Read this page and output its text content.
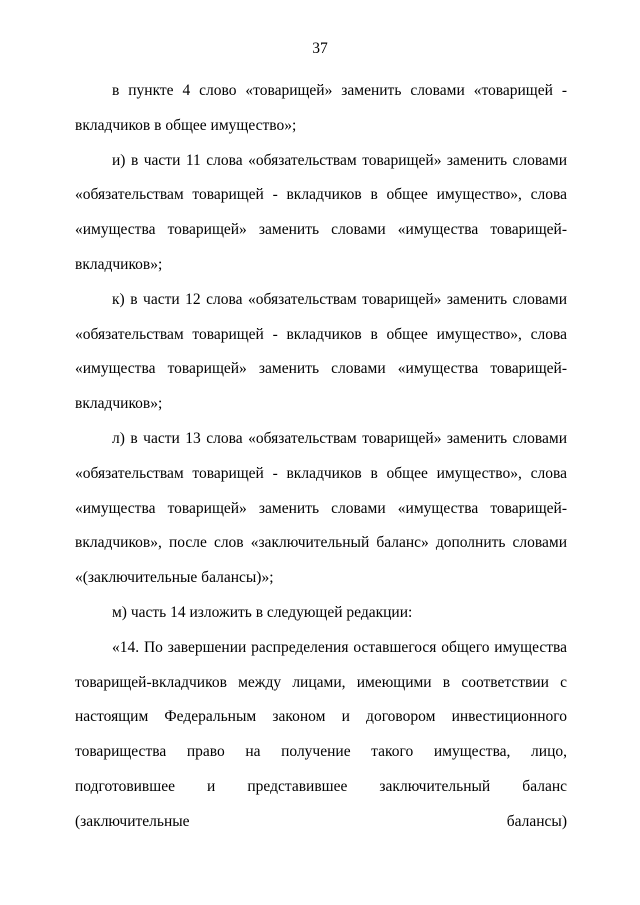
37

в пункте 4 слово «товарищей» заменить словами «товарищей - вкладчиков в общее имущество»;

и) в части 11 слова «обязательствам товарищей» заменить словами «обязательствам товарищей - вкладчиков в общее имущество», слова «имущества товарищей» заменить словами «имущества товарищей-вкладчиков»;

к) в части 12 слова «обязательствам товарищей» заменить словами «обязательствам товарищей - вкладчиков в общее имущество», слова «имущества товарищей» заменить словами «имущества товарищей-вкладчиков»;

л) в части 13 слова «обязательствам товарищей» заменить словами «обязательствам товарищей - вкладчиков в общее имущество», слова «имущества товарищей» заменить словами «имущества товарищей-вкладчиков», после слов «заключительный баланс» дополнить словами «(заключительные балансы)»;

м) часть 14 изложить в следующей редакции:

«14. По завершении распределения оставшегося общего имущества товарищей-вкладчиков между лицами, имеющими в соответствии с настоящим Федеральным законом и договором инвестиционного товарищества право на получение такого имущества, лицо, подготовившее и представившее заключительный баланс (заключительные балансы)
